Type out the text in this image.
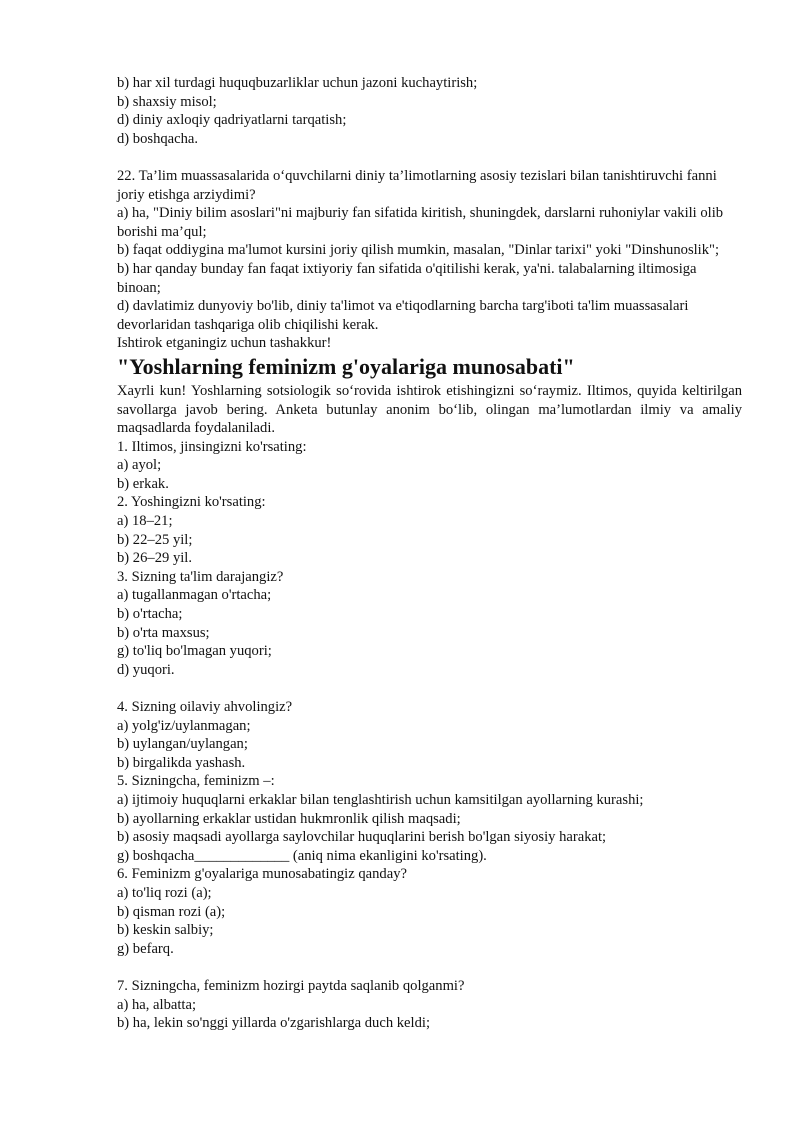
b) har xil turdagi huquqbuzarliklar uchun jazoni kuchaytirish;
b) shaxsiy misol;
d) diniy axloqiy qadriyatlarni tarqatish;
d) boshqacha.
22. Ta’lim muassasalarida o‘quvchilarni diniy ta’limotlarning asosiy tezislari bilan tanishtiruvchi fanni joriy etishga arziydimi?
a) ha, "Diniy bilim asoslari"ni majburiy fan sifatida kiritish, shuningdek, darslarni ruhoniylar vakili olib borishi ma’qul;
b) faqat oddiygina ma'lumot kursini joriy qilish mumkin, masalan, "Dinlar tarixi" yoki "Dinshunoslik";
b) har qanday bunday fan faqat ixtiyoriy fan sifatida o'qitilishi kerak, ya'ni. talabalarning iltimosiga binoan;
d) davlatimiz dunyoviy bo'lib, diniy ta'limot va e'tiqodlarning barcha targ'iboti ta'lim muassasalari devorlaridan tashqariga olib chiqilishi kerak.
Ishtirok etganingiz uchun tashakkur!
"Yoshlarning feminizm g'oyalariga munosabati"
Xayrli kun! Yoshlarning sotsiologik so‘rovida ishtirok etishingizni so‘raymiz. Iltimos, quyida keltirilgan savollarga javob bering. Anketa butunlay anonim bo‘lib, olingan ma’lumotlardan ilmiy va amaliy maqsadlarda foydalaniladi.
1. Iltimos, jinsingizni ko'rsating:
a) ayol;
b) erkak.
2. Yoshingizni ko'rsating:
a) 18–21;
b) 22–25 yil;
b) 26–29 yil.
3. Sizning ta'lim darajangiz?
a) tugallanmagan o'rtacha;
b) o'rtacha;
b) o'rta maxsus;
g) to'liq bo'lmagan yuqori;
d) yuqori.
4. Sizning oilaviy ahvolingiz?
a) yolg'iz/uylanmagan;
b) uylangan/uylangan;
b) birgalikda yashash.
5. Sizningcha, feminizm –:
a) ijtimoiy huquqlarni erkaklar bilan tenglashtirish uchun kamsitilgan ayollarning kurashi;
b) ayollarning erkaklar ustidan hukmronlik qilish maqsadi;
b) asosiy maqsadi ayollarga saylovchilar huquqlarini berish bo'lgan siyosiy harakat;
g) boshqacha_____________ (aniq nima ekanligini ko'rsating).
6. Feminizm g'oyalariga munosabatingiz qanday?
a) to'liq rozi (a);
b) qisman rozi (a);
b) keskin salbiy;
g) befarq.
7. Sizningcha, feminizm hozirgi paytda saqlanib qolganmi?
a) ha, albatta;
b) ha, lekin so'nggi yillarda o'zgarishlarga duch keldi;
